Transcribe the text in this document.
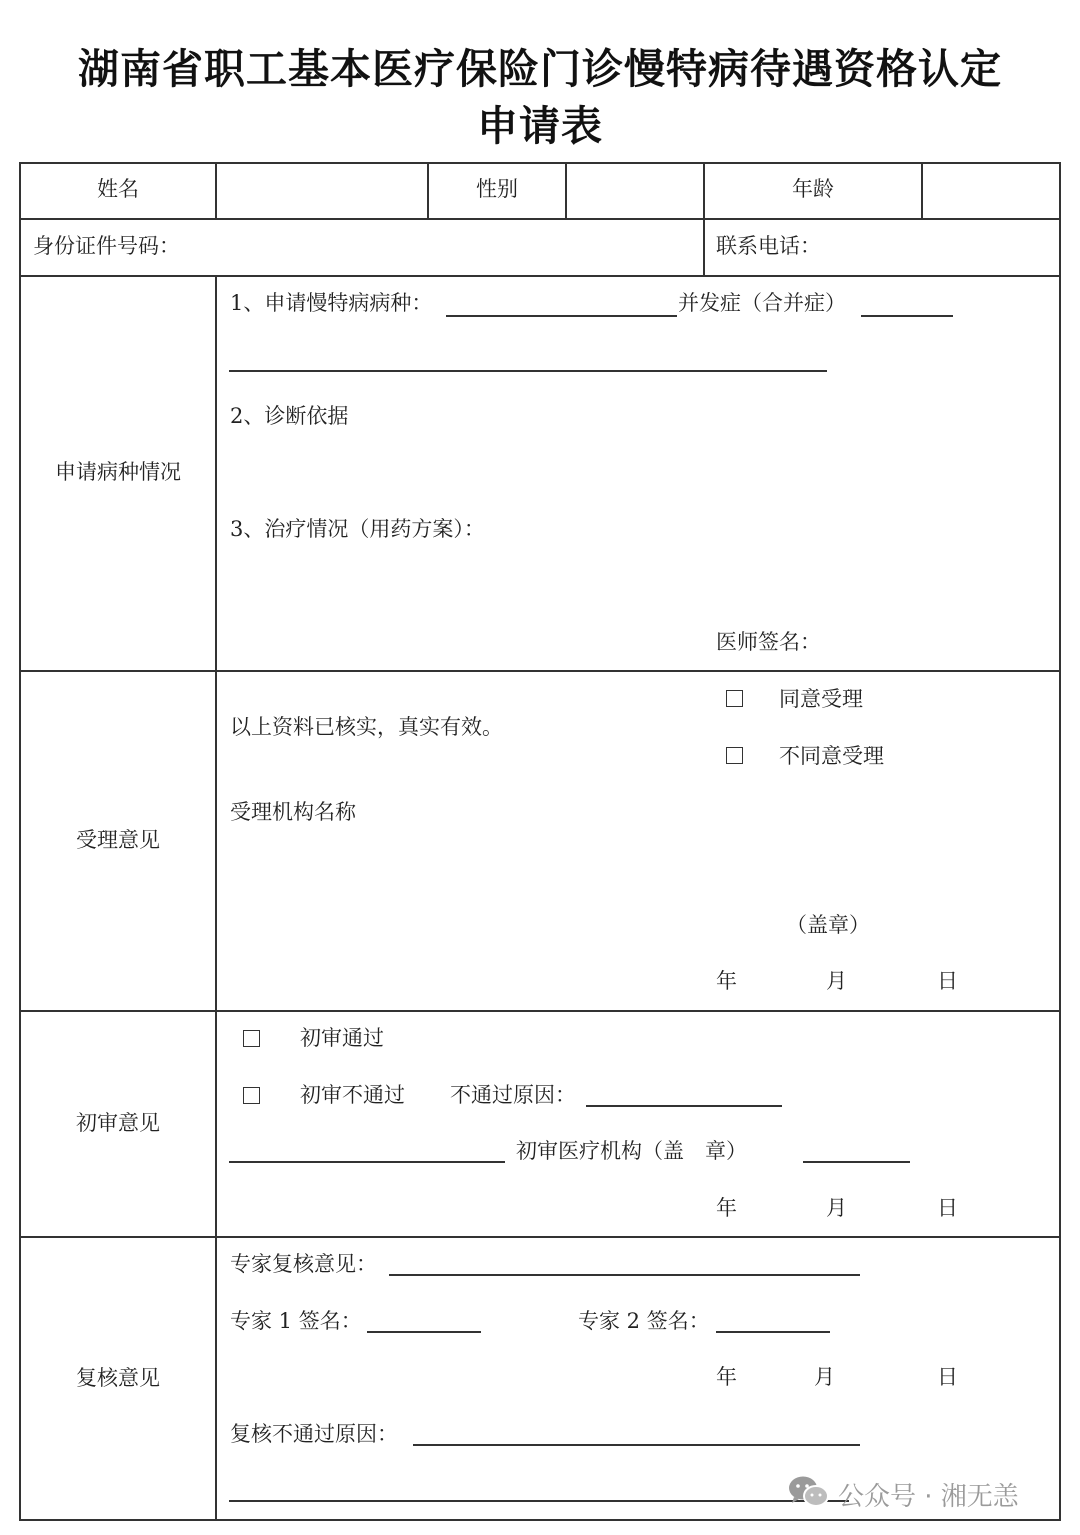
湖南省职工基本医疗保险门诊慢特病待遇资格认定
申请表
姓名	性别	年龄
身份证件号码：	联系电话：
申请病种情况
1、申请慢特病病种：	并发症（合并症）
2、诊断依据
3、治疗情况（用药方案）：
医师签名：
受理意见
同意受理
不同意受理
以上资料已核实，真实有效。
受理机构名称
（盖章）
年	月	日
初审意见
初审通过
初审不通过 不通过原因：
初审医疗机构（盖　章）
年	月	日
复核意见
专家复核意见：
专家 1 签名：	专家 2 签名：
年	月	日
复核不通过原因：
公众号 · 湘无恙
